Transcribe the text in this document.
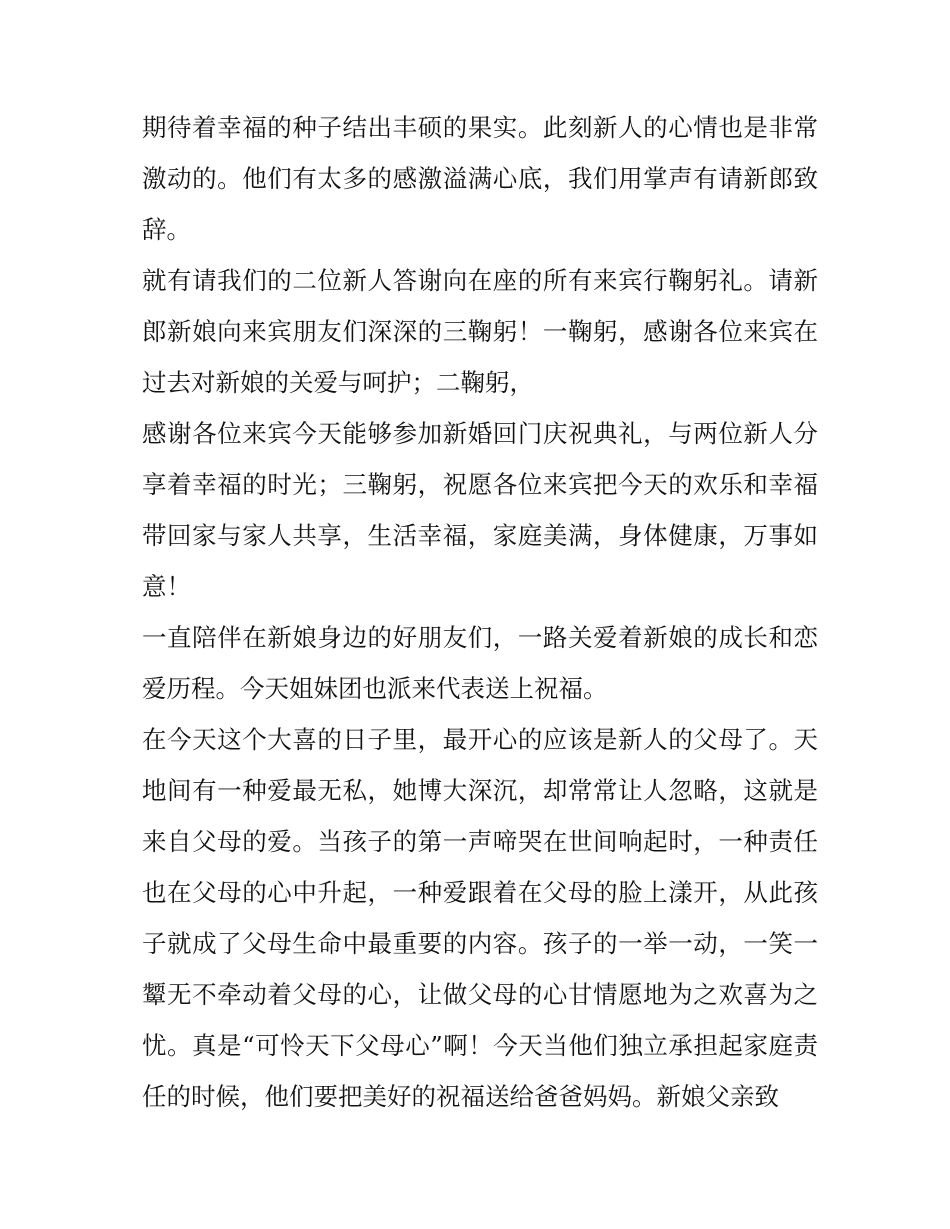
期待着幸福的种子结出丰硕的果实。此刻新人的心情也是非常激动的。他们有太多的感激溢满心底，我们用掌声有请新郎致辞。

就有请我们的二位新人答谢向在座的所有来宾行鞠躬礼。请新郎新娘向来宾朋友们深深的三鞠躬！一鞠躬，感谢各位来宾在过去对新娘的关爱与呵护；二鞠躬，

感谢各位来宾今天能够参加新婚回门庆祝典礼，与两位新人分享着幸福的时光；三鞠躬，祝愿各位来宾把今天的欢乐和幸福带回家与家人共享，生活幸福，家庭美满，身体健康，万事如意！

一直陪伴在新娘身边的好朋友们，一路关爱着新娘的成长和恋爱历程。今天姐妹团也派来代表送上祝福。

在今天这个大喜的日子里，最开心的应该是新人的父母了。天地间有一种爱最无私，她博大深沉，却常常让人忽略，这就是来自父母的爱。当孩子的第一声啼哭在世间响起时，一种责任也在父母的心中升起，一种爱跟着在父母的脸上漾开，从此孩子就成了父母生命中最重要的内容。孩子的一举一动，一笑一颦无不牵动着父母的心，让做父母的心甘情愿地为之欢喜为之忧。真是“可怜天下父母心”啊！今天当他们独立承担起家庭责任的时候，他们要把美好的祝福送给爸爸妈妈。新娘父亲致
